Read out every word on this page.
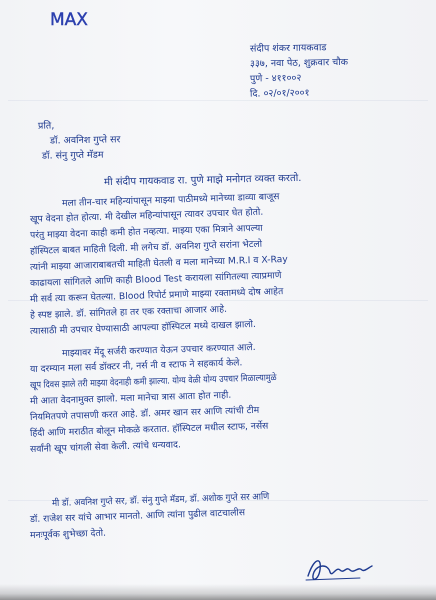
MAX
संदीप शंकर गायकवाड
३३७, नवा पेठ, शुक्रवार चौक
पुणे - ४११००२
दि. ०२/०१/२००१
प्रति,
डॉ. अवनिश गुप्ते सर
डॉ. संनु गुप्ते मॅडम
मी संदीप गायकवाड रा. पुणे माझे मनोगत व्यक्त करतो.
मला तीन-चार महिन्यांपासून माझ्या पाठीमध्ये मानेच्या डाव्या बाजूस
खूप वेदना होत होत्या. मी देखील महिन्यांपासून त्यावर उपचार घेत होतो.
परंतु माझ्या वेदना काही कमी होत नव्हत्या. माझ्या एका मित्राने आपल्या
हॉस्पिटल बाबत माहिती दिली. मी लगेच डॉ. अवनिश गुप्ते सरांना भेटलो
त्यांनी माझ्या आजाराबाबतची माहिती घेतली व मला मानेच्या M.R.I व X-Ray
काढायला सांगितले आणि काही Blood Test करायला सांगितल्या त्याप्रमाणे
मी सर्व त्या करून घेतल्या. Blood रिपोर्ट प्रमाणे माझ्या रक्तामध्ये दोष आहेत
हे स्पष्ट झाले. डॉ. सांगितले हा तर एक रक्ताचा आजार आहे.
त्यासाठी मी उपचार घेण्यासाठी आपल्या हॉस्पिटल मध्ये दाखल झालो.
माझ्यावर मेंदू सर्जरी करण्यात येऊन उपचार करण्यात आले.
या दरम्यान मला सर्व डॉक्टर नी, नर्स नी व स्टाफ ने सहकार्य केले.
खूप दिवस झाले तरी माझ्या वेदनाही कमी झाल्या. योग्य वेळी योग्य उपचार मिळाल्यामुळे
मी आता वेदनामुक्त झालो. मला मानेचा त्रास आता होत नाही.
नियमितपणे तपासणी करत आहे. डॉ. अमर खान सर आणि त्यांची टीम
हिंदी आणि मराठीत बोलून मोकळे करतात. हॉस्पिटल मधील स्टाफ, नर्सेस
सर्वांनी खूप चांगली सेवा केली. त्यांचे धन्यवाद.
मी डॉ. अवनिश गुप्ते सर, डॉ. संनु गुप्ते मॅडम, डॉ. अशोक गुप्ते सर आणि
डॉ. राजेश सर यांचे आभार मानतो. आणि त्यांना पुढील वाटचालीस
मनःपूर्वक शुभेच्छा देतो.
